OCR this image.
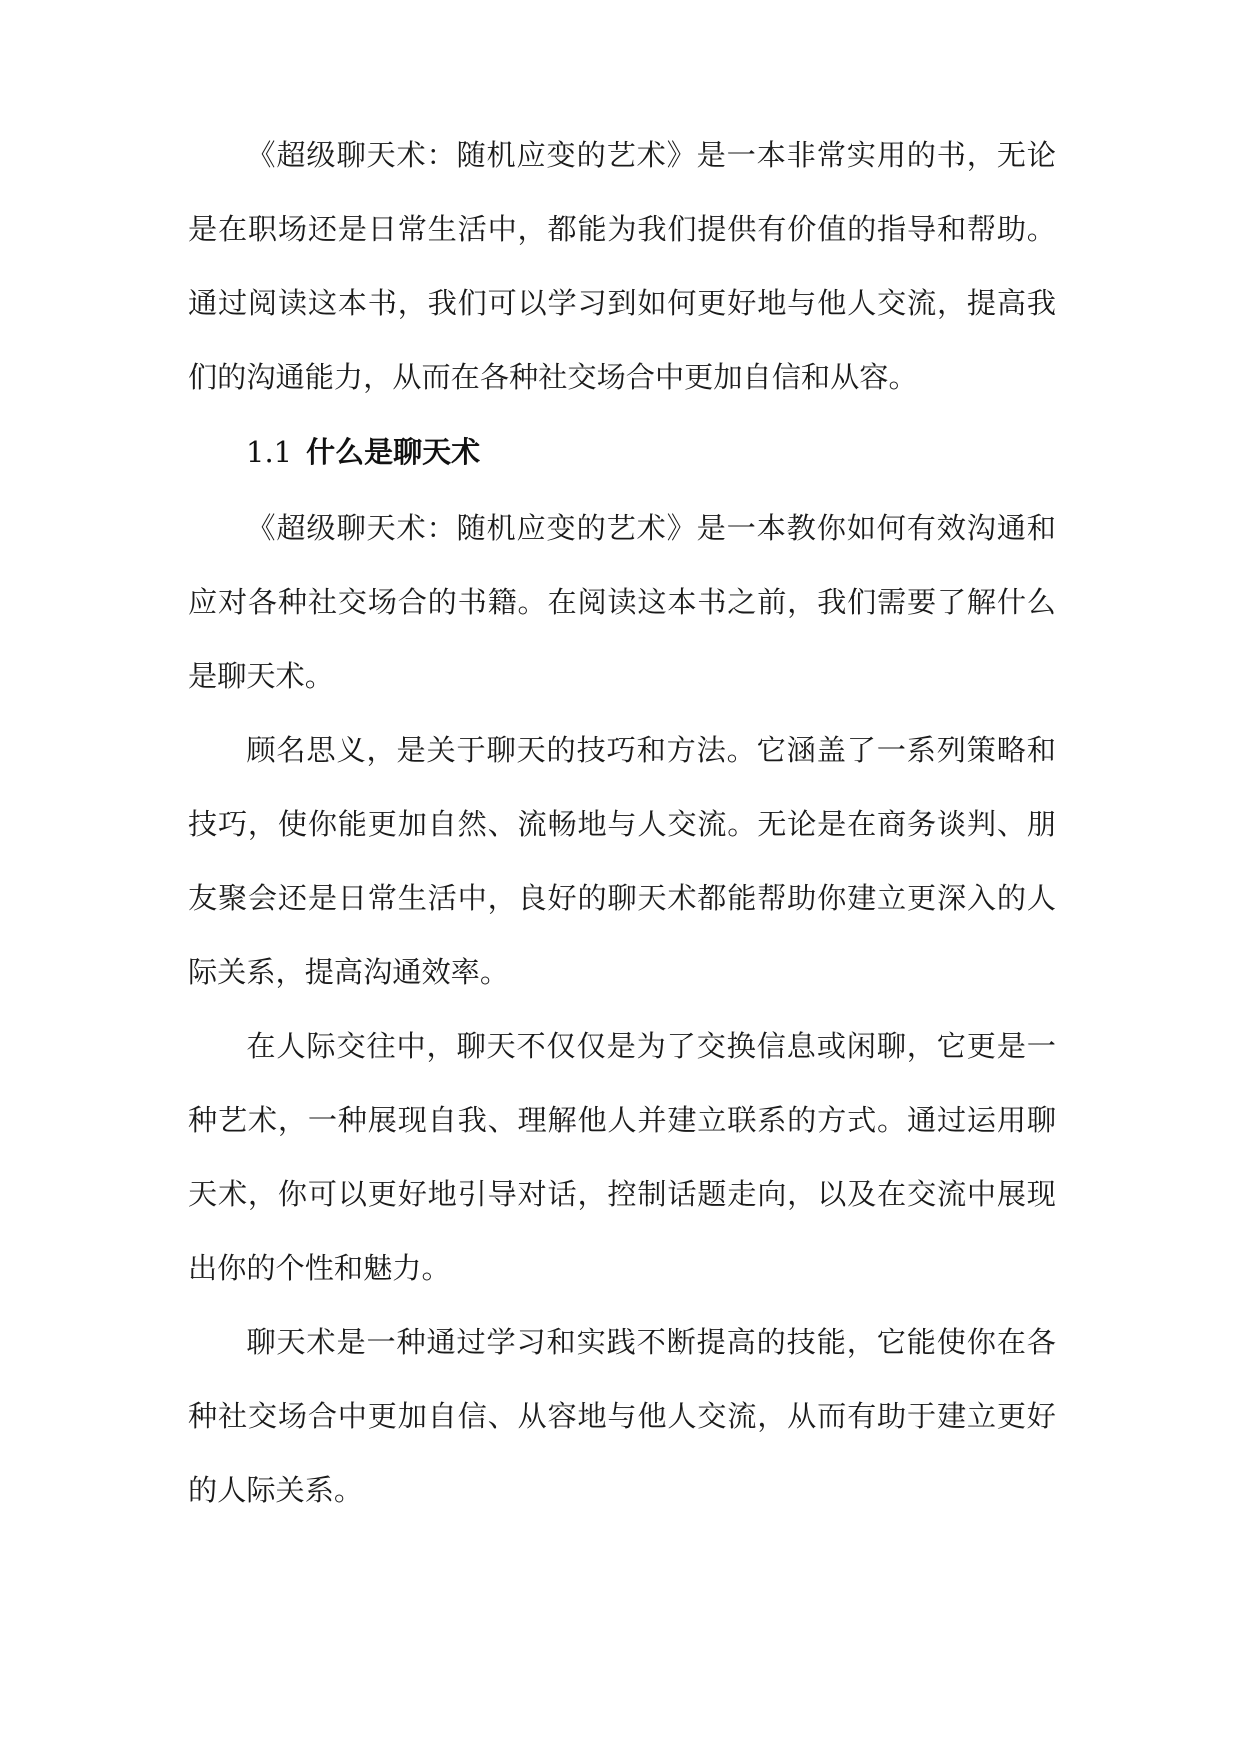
《超级聊天术：随机应变的艺术》是一本非常实用的书，无论是在职场还是日常生活中，都能为我们提供有价值的指导和帮助。通过阅读这本书，我们可以学习到如何更好地与他人交流，提高我们的沟通能力，从而在各种社交场合中更加自信和从容。

1.1 什么是聊天术

《超级聊天术：随机应变的艺术》是一本教你如何有效沟通和应对各种社交场合的书籍。在阅读这本书之前，我们需要了解什么是聊天术。

顾名思义，是关于聊天的技巧和方法。它涵盖了一系列策略和技巧，使你能更加自然、流畅地与人交流。无论是在商务谈判、朋友聚会还是日常生活中，良好的聊天术都能帮助你建立更深入的人际关系，提高沟通效率。

在人际交往中，聊天不仅仅是为了交换信息或闲聊，它更是一种艺术，一种展现自我、理解他人并建立联系的方式。通过运用聊天术，你可以更好地引导对话，控制话题走向，以及在交流中展现出你的个性和魅力。

聊天术是一种通过学习和实践不断提高的技能，它能使你在各种社交场合中更加自信、从容地与他人交流，从而有助于建立更好的人际关系。
